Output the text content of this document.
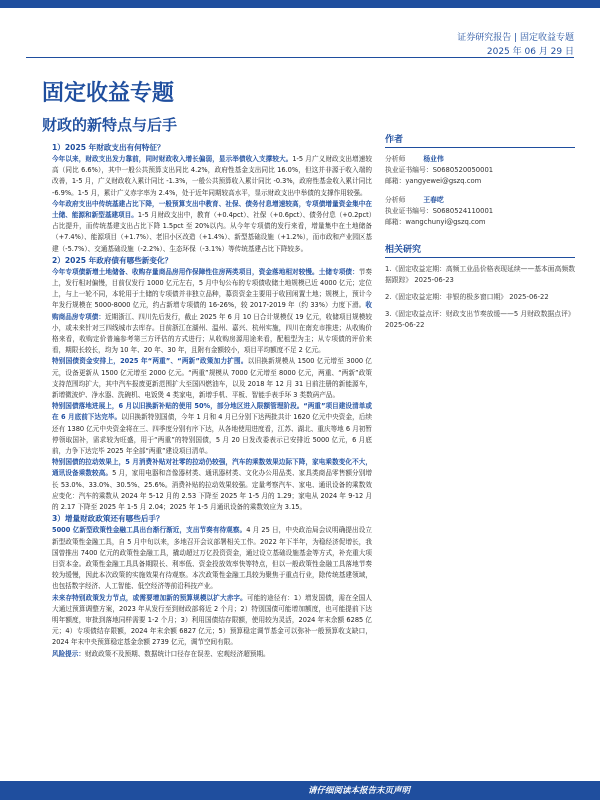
证券研究报告 | 固定收益专题
2025 年 06 月 29 日
固定收益专题
财政的新特点与后手
1）2025 年财政支出有何特征？

今年以来，财政支出发力靠前，同时财政收入增长偏弱，显示举债收入支撑较大。1-5 月广义财政支出增速较高（同比 6.6%），其中一般公共预算支出同比 4.2%，政府性基金支出同比 16.0%，但这并非源于收入端的改善，1-5 月，广义财政收入累计同比 -1.3%，一般公共预算收入累计同比 -0.3%，政府性基金收入累计同比 -6.9%。1-5 月，累计广义赤字率为 2.4%，处于近年同期较高水平，显示财政支出中举债的支撑作用较强。

今年政府支出中传统基建占比下降，一般预算支出中教育、社保、债务付息增速较高，专项债增量资金集中在土储、能源和新型基建项目。1-5 月财政支出中，教育（+0.4pct）、社保（+0.6pct）、债务付息（+0.2pct）占比提升，而传统基建支出占比下降 1.5pct 至 20%以内。从今年专项债的发行来看，增量集中在土地储备（+7.4%）、能源项目（+1.7%）、老旧小区改造（+1.4%）、新型基础设施（+1.2%），而市政和产业园区基建（-5.7%）、交通基础设施（-2.2%）、生态环保（-3.1%）等传统基建占比下降较多。

2）2025 年政府债有哪些新变化？

今年专项债新增土地储备、收购存量商品房用作保障性住房两类项目，资金落地相对较慢。土储专项债：节奏上，发行相对偏慢，目前仅发行 1000 亿元左右，5 月中旬公布的专项债收储土地规模已近 4000 亿元；定位上，与上一轮不同，本轮用于土储的专项债并非独立品种，募资资金主要用于收回闲置土地；规模上，预计今年发行规模在 5000-8000 亿元，约占新增专项债的 16-26%，较 2017-2019 年（约 33%）力度下滑。收购商品房专项债：近期浙江、四川先后发行，截止 2025 年 6 月 10 日合计规模仅 19 亿元，收储项目规模较小，或未来针对三四线城市去库存。目前浙江在湖州、温州、嘉兴、杭州实施，四川在南充市推进；从收购价格来看，收购定价普遍参考第三方评估的方式进行；从收购房源用途来看，配租型为主；从专项债的评价来看，期限长较长，均为 10 年、20 年、30 年，且附有金额较小，项目平均额度不足 2 亿元。

特别国债资金安排上，2025 年“两重”、“两新”政策加力扩围。以旧换新规模从 1500 亿元增至 3000 亿元，设备更新从 1500 亿元增至 2000 亿元。“两重”规模从 7000 亿元增至 8000 亿元，两重、“两新”政策支持范围均扩大，其中汽车报废更新范围扩大至国四燃油车，以及 2018 年 12 月 31 日前注册的新能源车，新增微波炉、净水器、洗碗机、电饭煲 4 类家电，新增手机、平板、智能手表手环 3 类数码产品。

特别国债落地进展上，6 月以旧换新补贴的使用 50%，部分地区进入限额管理阶段。“两重”项目建设清单或在 6 月底前下达完毕。以旧换新特别国债，今年 1 月和 4 月已分别下达两批共计 1620 亿元中央资金，后续还有 1380 亿元中央资金将在三、四季度分别有序下达，从各地使用进度看，江苏、湖北、重庆等地 6 月初暂停领取国补，需求较为旺盛，用于“两重”的特别国债，5 月 20 日发改委表示已安排近 5000 亿元，6 月底前，力争下达完毕 2025 年全部“两重”建设项目清单。

特别国债的拉动效果上，5 月消费补贴对社零的拉动仍较强，汽车的乘数效果边际下降，家电乘数变化不大，通讯设备乘数较高。5 月，家用电器和音像器材类、通讯器材类、文化办公用品类、家具类商品零售额分别增长 53.0%、33.0%、30.5%、25.6%。消费补贴的拉动效果较强。定量考察汽车、家电、通讯设备的乘数效应变化：汽车的乘数从 2024 年 5-12 月的 2.53 下降至 2025 年 1-5 月的 1.29；家电从 2024 年 9-12 月的 2.17 下降至 2025 年 1-5 月 2.04；2025 年 1-5 月通讯设备的乘数效应为 3.15。

3）增量财政政策还有哪些后手？

5000 亿新型政策性金融工具出台渐行渐近，支出节奏有待观察。4 月 25 日，中央政治局会议明确提出设立新型政策性金融工具，自 5 月中旬以来，多地召开会议部署相关工作。2022 年下半年，为稳经济促增长，我国曾推出 7400 亿元的政策性金融工具，撬动超过万亿投资资金，通过设立基础设施基金等方式，补充重大项目资本金。政策性金融工具具备期限长、利率低、资金投放效率快等特点，但以一般政策性金融工具落地节奏较为缓慢，因此本次政策的实施效果有待观察。本次政策性金融工具较为聚焦于重点行业，除传统基建领域，也包括数字经济、人工智能、低空经济等前沿科技产业。

未来存特别政策发力节点，或需要增加新的预算规模以扩大赤字。可能的途径有：1）增发国债，需在全国人大通过预算调整方案，2023 年从发行至到财政部将近 2 个月；2）特别国债可能增加额度，也可能提前下达明年额度，审批到落地同样需要 1-2 个月；3）利用国债结存限额，使用较为灵活，2024 年末余额 6285 亿元；4）专项债结存限额，2024 年末余额 6827 亿元；5）预算稳定调节基金可以弥补一般预算收支缺口，2024 年末中央预算稳定基金余额 2739 亿元，调节空间有限。

风险提示：财政政策不及预期、数据统计口径存在误差、宏观经济超预期。

作者
分析师	杨业伟
执业证书编号：S0680520050001
邮箱：yangyewei@gszq.com
分析师	王春呓
执业证书编号：S0680524110001
邮箱：wangchunyi@gszq.com
相关研究
1.《固定收益定期：高频工业品价格表现延续——基本面高频数据跟踪》 2025-06-23
2.《固定收益定期：非银的极多窗口期》 2025-06-22
3.《固定收益点评：财政支出节奏放缓——5 月财政数据点评》 2025-06-22
请仔细阅读本报告末页声明
